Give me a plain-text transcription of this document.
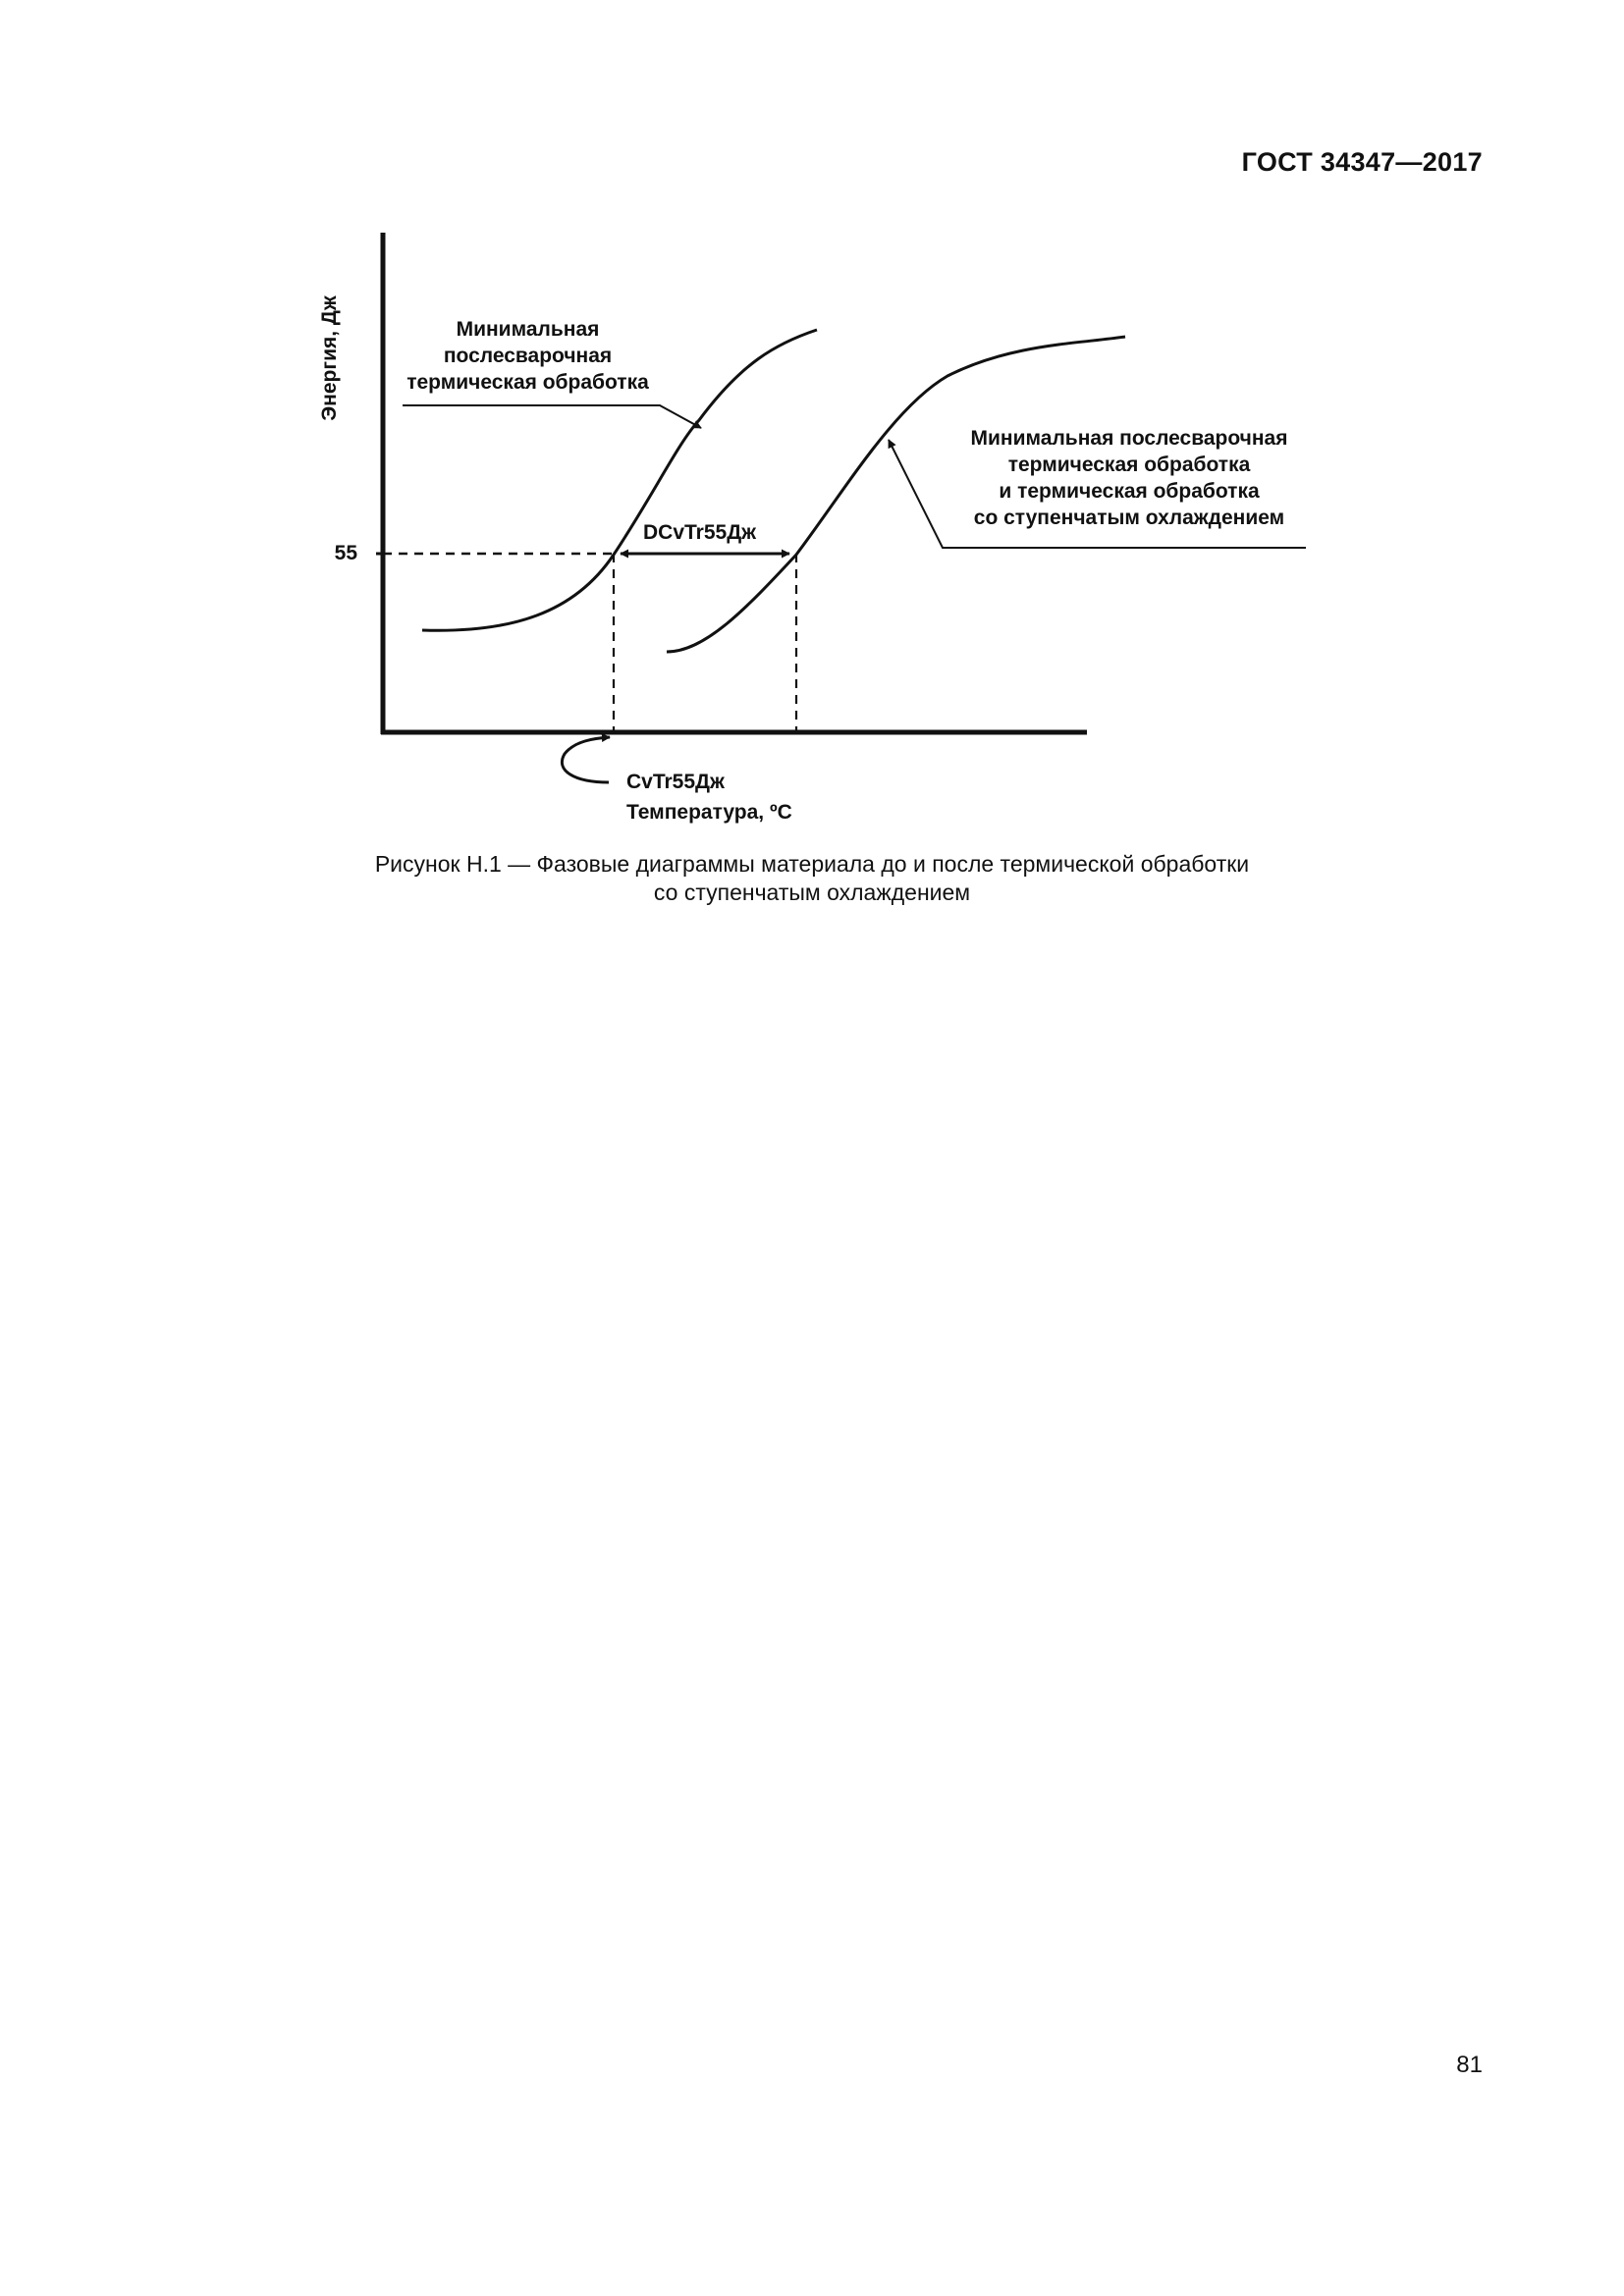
ГОСТ 34347—2017
Энергия, Дж
55
Минимальная
послесварочная
термическая обработка
Минимальная послесварочная
термическая обработка
и термическая обработка
со ступенчатым охлаждением
DCvTr55Дж
CvTr55Дж
Температура, ºС
Рисунок Н.1 — Фазовые диаграммы материала до и после термической обработки
со ступенчатым охлаждением
81
